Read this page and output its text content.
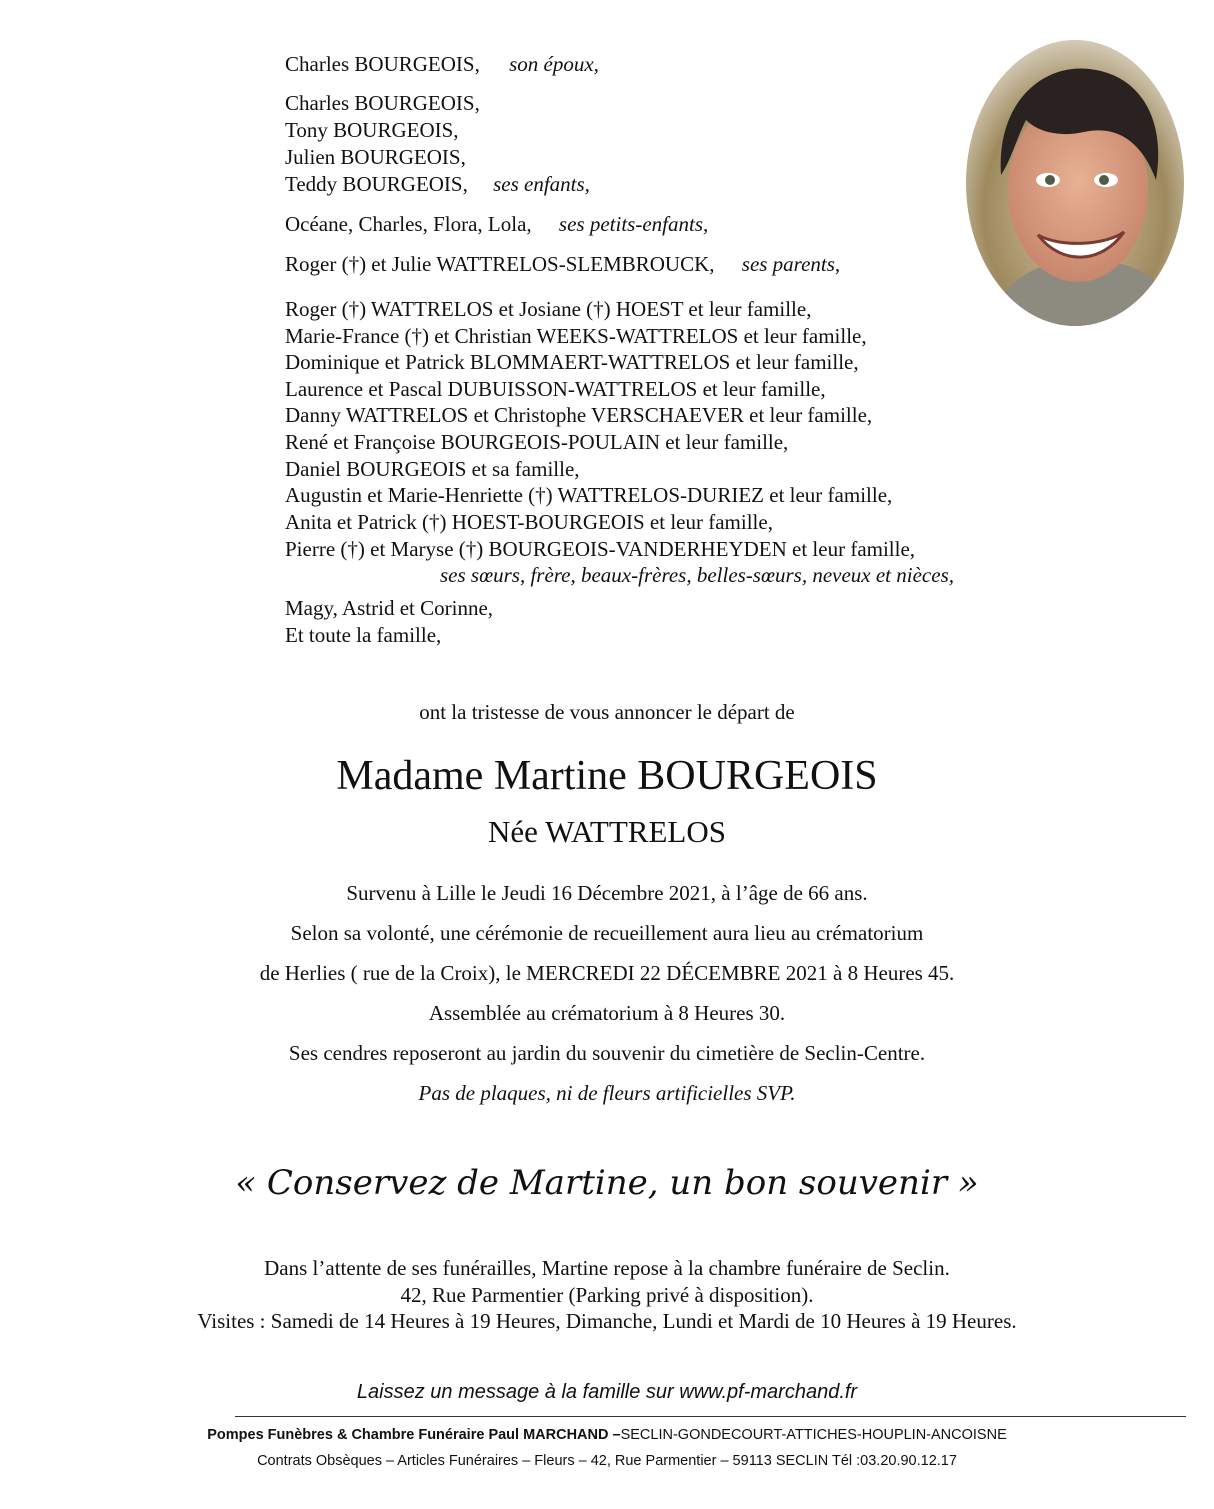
Charles BOURGEOIS, son époux,
Charles BOURGEOIS,
Tony BOURGEOIS,
Julien BOURGEOIS,
Teddy BOURGEOIS, ses enfants,
Océane, Charles, Flora, Lola, ses petits-enfants,
Roger (†) et Julie WATTRELOS-SLEMBROUCK, ses parents,
Roger (†) WATTRELOS et Josiane (†) HOEST et leur famille,
Marie-France (†) et Christian WEEKS-WATTRELOS et leur famille,
Dominique et Patrick BLOMMAERT-WATTRELOS et leur famille,
Laurence et Pascal DUBUISSON-WATTRELOS et leur famille,
Danny WATTRELOS et Christophe VERSCHAEVER et leur famille,
René et Françoise BOURGEOIS-POULAIN et leur famille,
Daniel BOURGEOIS et sa famille,
Augustin et Marie-Henriette (†) WATTRELOS-DURIEZ et leur famille,
Anita et Patrick (†) HOEST-BOURGEOIS et leur famille,
Pierre (†) et Maryse (†) BOURGEOIS-VANDERHEYDEN et leur famille,
ses sœurs, frère, beaux-frères, belles-sœurs, neveux et nièces,
Magy, Astrid et Corinne,
Et toute la famille,
ont la tristesse de vous annoncer le départ de
Madame Martine BOURGEOIS
Née WATTRELOS
Survenu à Lille le Jeudi 16 Décembre 2021, à l’âge de 66 ans.
Selon sa volonté, une cérémonie de recueillement aura lieu au crématorium
de Herlies ( rue de la Croix), le MERCREDI 22 DÉCEMBRE 2021 à 8 Heures 45.
Assemblée au crématorium à 8 Heures 30.
Ses cendres reposeront au jardin du souvenir du cimetière de Seclin-Centre.
Pas de plaques, ni de fleurs artificielles SVP.
« Conservez de Martine, un bon souvenir »
Dans l’attente de ses funérailles, Martine repose à la chambre funéraire de Seclin.
42, Rue Parmentier (Parking privé à disposition).
Visites : Samedi de 14 Heures à 19 Heures, Dimanche, Lundi et Mardi de 10 Heures à 19 Heures.
Laissez un message à la famille sur www.pf-marchand.fr
Pompes Funèbres & Chambre Funéraire Paul MARCHAND –SECLIN-GONDECOURT-ATTICHES-HOUPLIN-ANCOISNE
Contrats Obsèques – Articles Funéraires – Fleurs – 42, Rue Parmentier – 59113 SECLIN Tél :03.20.90.12.17
